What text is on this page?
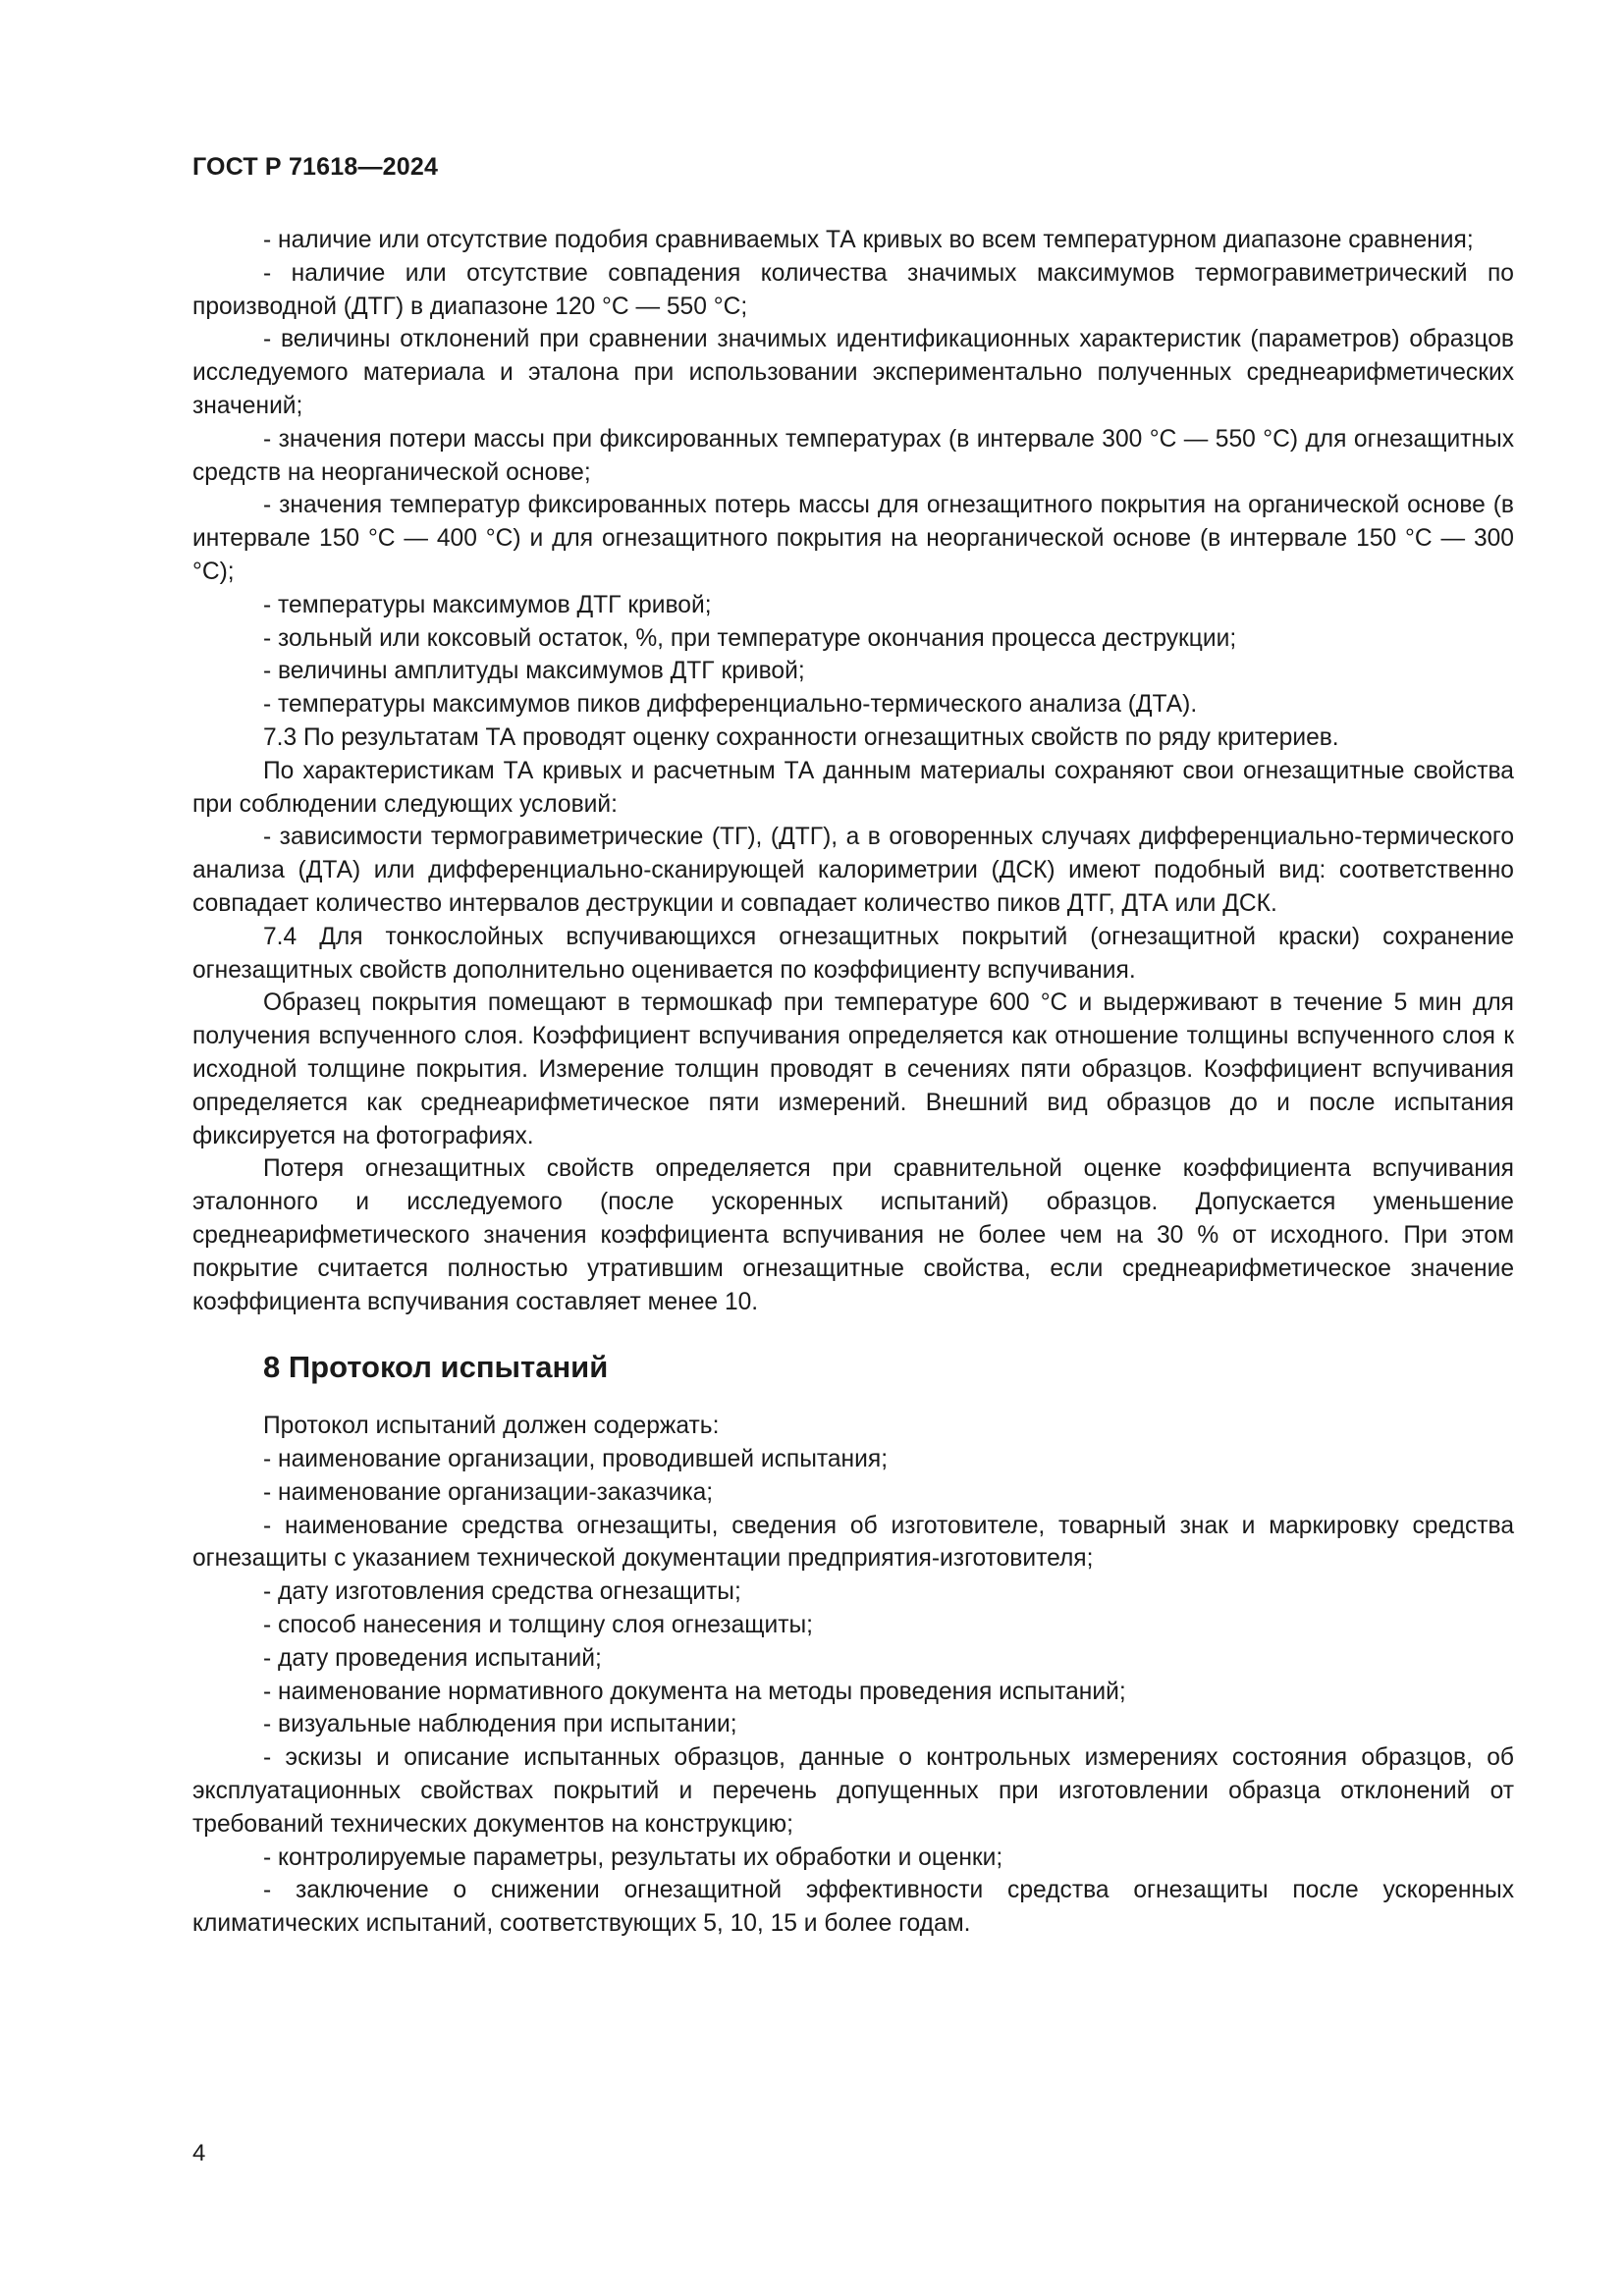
ГОСТ Р 71618—2024

- наличие или отсутствие подобия сравниваемых ТА кривых во всем температурном диапазоне сравнения;

- наличие или отсутствие совпадения количества значимых максимумов термогравиметрический по производной (ДТГ) в диапазоне 120 °С — 550 °С;

- величины отклонений при сравнении значимых идентификационных характеристик (параметров) образцов исследуемого материала и эталона при использовании экспериментально полученных среднеарифметических значений;

- значения потери массы при фиксированных температурах (в интервале 300 °С — 550 °С) для огнезащитных средств на неорганической основе;

- значения температур фиксированных потерь массы для огнезащитного покрытия на органической основе (в интервале 150 °С — 400 °С) и для огнезащитного покрытия на неорганической основе (в интервале 150 °С — 300 °С);

- температуры максимумов ДТГ кривой;

- зольный или коксовый остаток, %, при температуре окончания процесса деструкции;

- величины амплитуды максимумов ДТГ кривой;

- температуры максимумов пиков дифференциально-термического анализа (ДТА).

7.3 По результатам ТА проводят оценку сохранности огнезащитных свойств по ряду критериев.

По характеристикам ТА кривых и расчетным ТА данным материалы сохраняют свои огнезащитные свойства при соблюдении следующих условий:

- зависимости термогравиметрические (ТГ), (ДТГ), а в оговоренных случаях дифференциально-термического анализа (ДТА) или дифференциально-сканирующей калориметрии (ДСК) имеют подобный вид: соответственно совпадает количество интервалов деструкции и совпадает количество пиков ДТГ, ДТА или ДСК.

7.4 Для тонкослойных вспучивающихся огнезащитных покрытий (огнезащитной краски) сохранение огнезащитных свойств дополнительно оценивается по коэффициенту вспучивания.

Образец покрытия помещают в термошкаф при температуре 600 °С и выдерживают в течение 5 мин для получения вспученного слоя. Коэффициент вспучивания определяется как отношение толщины вспученного слоя к исходной толщине покрытия. Измерение толщин проводят в сечениях пяти образцов. Коэффициент вспучивания определяется как среднеарифметическое пяти измерений. Внешний вид образцов до и после испытания фиксируется на фотографиях.

Потеря огнезащитных свойств определяется при сравнительной оценке коэффициента вспучивания эталонного и исследуемого (после ускоренных испытаний) образцов. Допускается уменьшение среднеарифметического значения коэффициента вспучивания не более чем на 30 % от исходного. При этом покрытие считается полностью утратившим огнезащитные свойства, если среднеарифметическое значение коэффициента вспучивания составляет менее 10.

8 Протокол испытаний

Протокол испытаний должен содержать:

- наименование организации, проводившей испытания;

- наименование организации-заказчика;

- наименование средства огнезащиты, сведения об изготовителе, товарный знак и маркировку средства огнезащиты с указанием технической документации предприятия-изготовителя;

- дату изготовления средства огнезащиты;

- способ нанесения и толщину слоя огнезащиты;

- дату проведения испытаний;

- наименование нормативного документа на методы проведения испытаний;

- визуальные наблюдения при испытании;

- эскизы и описание испытанных образцов, данные о контрольных измерениях состояния образцов, об эксплуатационных свойствах покрытий и перечень допущенных при изготовлении образца отклонений от требований технических документов на конструкцию;

- контролируемые параметры, результаты их обработки и оценки;

- заключение о снижении огнезащитной эффективности средства огнезащиты после ускоренных климатических испытаний, соответствующих 5, 10, 15 и более годам.

4
